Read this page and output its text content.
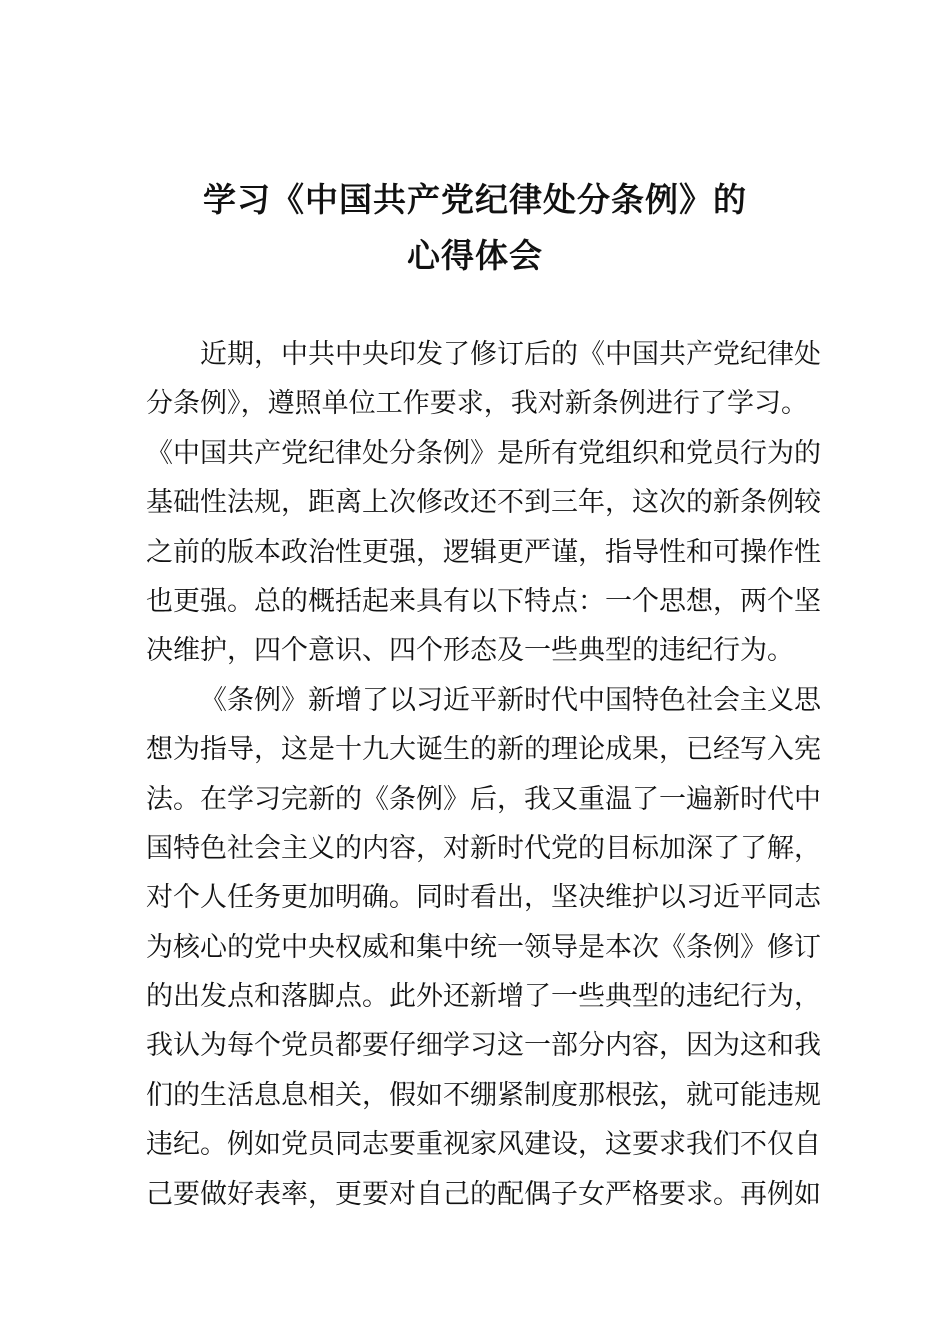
学习《中国共产党纪律处分条例》的
心得体会
近期，中共中央印发了修订后的《中国共产党纪律处
分条例》，遵照单位工作要求，我对新条例进行了学习。
《中国共产党纪律处分条例》是所有党组织和党员行为的
基础性法规，距离上次修改还不到三年，这次的新条例较
之前的版本政治性更强，逻辑更严谨，指导性和可操作性
也更强。总的概括起来具有以下特点：一个思想，两个坚
决维护，四个意识、四个形态及一些典型的违纪行为。
《条例》新增了以习近平新时代中国特色社会主义思
想为指导，这是十九大诞生的新的理论成果，已经写入宪
法。在学习完新的《条例》后，我又重温了一遍新时代中
国特色社会主义的内容，对新时代党的目标加深了了解，
对个人任务更加明确。同时看出，坚决维护以习近平同志
为核心的党中央权威和集中统一领导是本次《条例》修订
的出发点和落脚点。此外还新增了一些典型的违纪行为，
我认为每个党员都要仔细学习这一部分内容，因为这和我
们的生活息息相关，假如不绷紧制度那根弦，就可能违规
违纪。例如党员同志要重视家风建设，这要求我们不仅自
己要做好表率，更要对自己的配偶子女严格要求。再例如
